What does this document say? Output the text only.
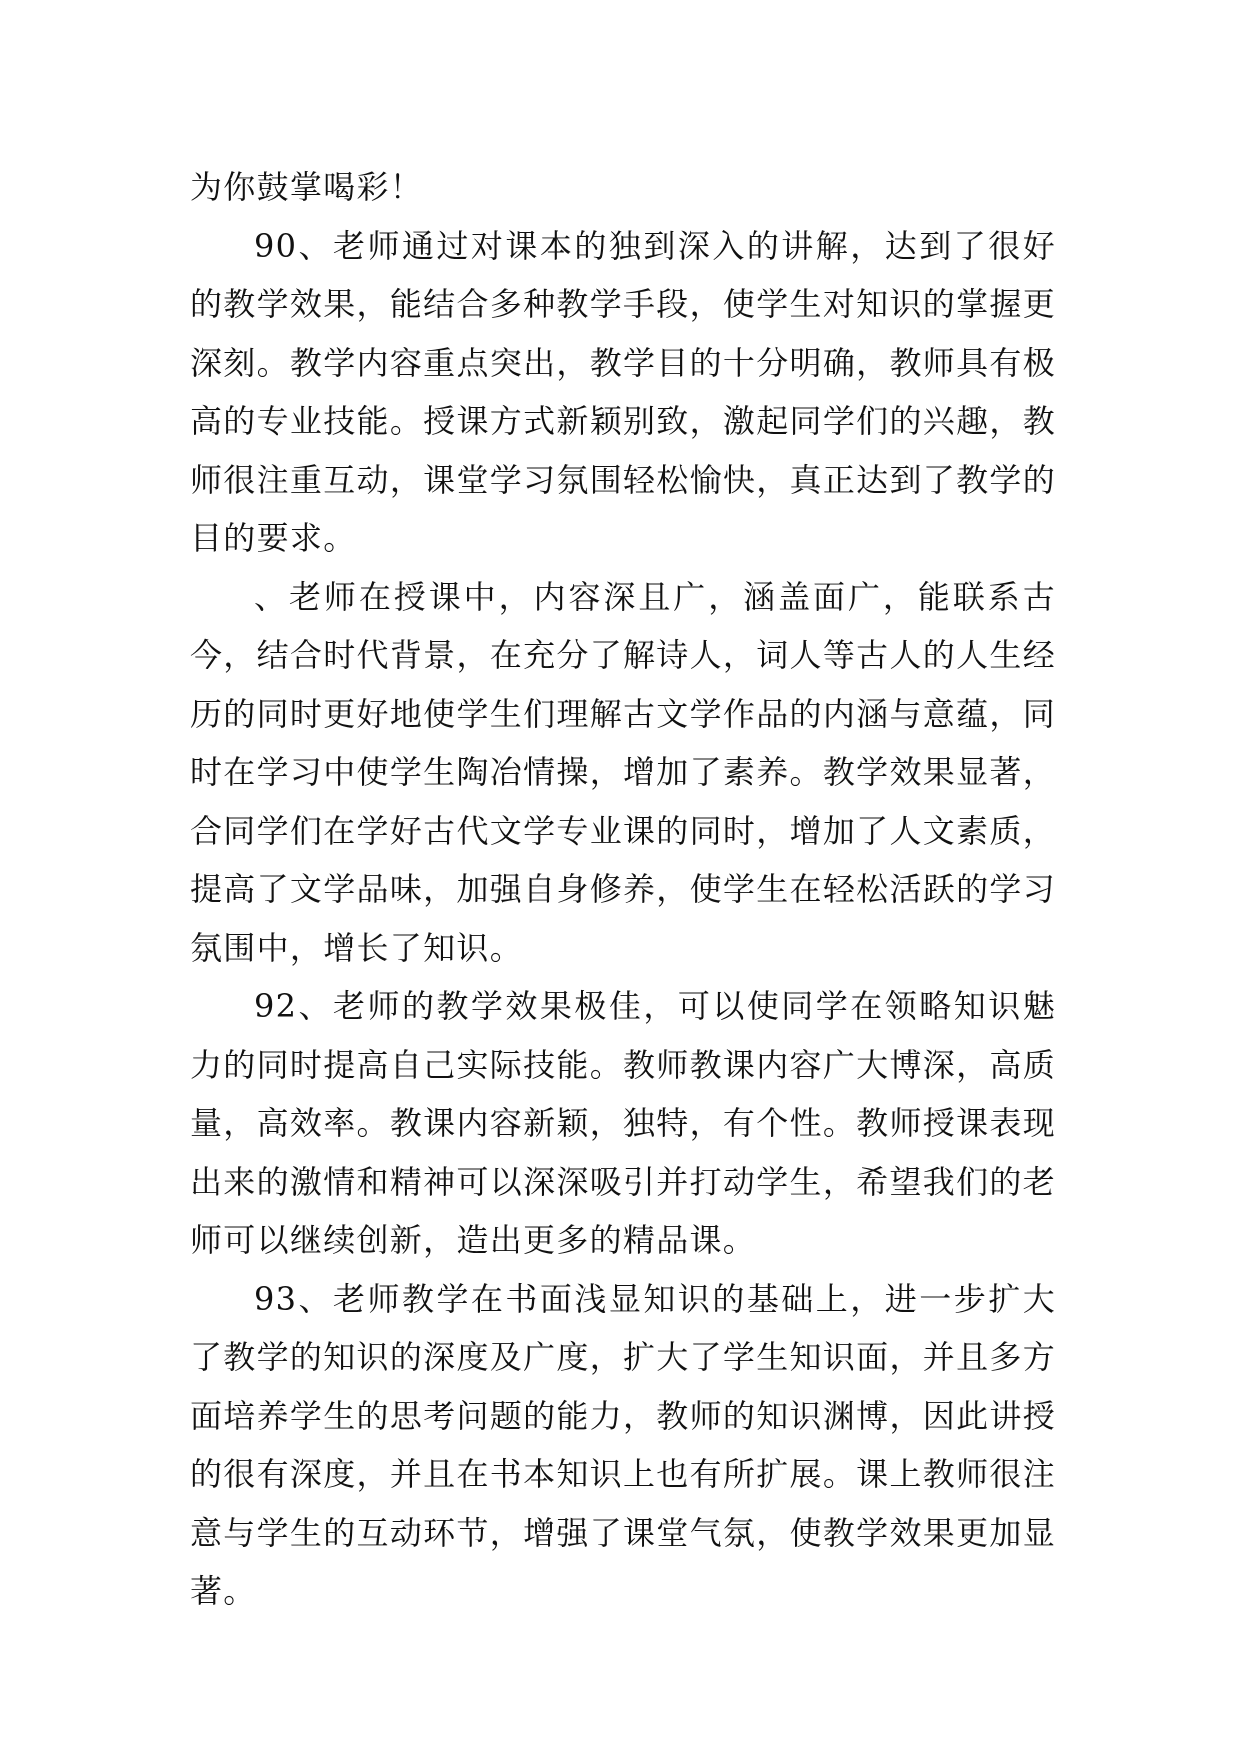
为你鼓掌喝彩！

90、老师通过对课本的独到深入的讲解，达到了很好的教学效果，能结合多种教学手段，使学生对知识的掌握更深刻。教学内容重点突出，教学目的十分明确，教师具有极高的专业技能。授课方式新颖别致，激起同学们的兴趣，教师很注重互动，课堂学习氛围轻松愉快，真正达到了教学的目的要求。

、老师在授课中，内容深且广，涵盖面广，能联系古今，结合时代背景，在充分了解诗人，词人等古人的人生经历的同时更好地使学生们理解古文学作品的内涵与意蕴，同时在学习中使学生陶冶情操，增加了素养。教学效果显著，合同学们在学好古代文学专业课的同时，增加了人文素质，提高了文学品味，加强自身修养，使学生在轻松活跃的学习氛围中，增长了知识。

92、老师的教学效果极佳，可以使同学在领略知识魅力的同时提高自己实际技能。教师教课内容广大博深，高质量，高效率。教课内容新颖，独特，有个性。教师授课表现出来的激情和精神可以深深吸引并打动学生，希望我们的老师可以继续创新，造出更多的精品课。

93、老师教学在书面浅显知识的基础上，进一步扩大了教学的知识的深度及广度，扩大了学生知识面，并且多方面培养学生的思考问题的能力，教师的知识渊博，因此讲授的很有深度，并且在书本知识上也有所扩展。课上教师很注意与学生的互动环节，增强了课堂气氛，使教学效果更加显著。
